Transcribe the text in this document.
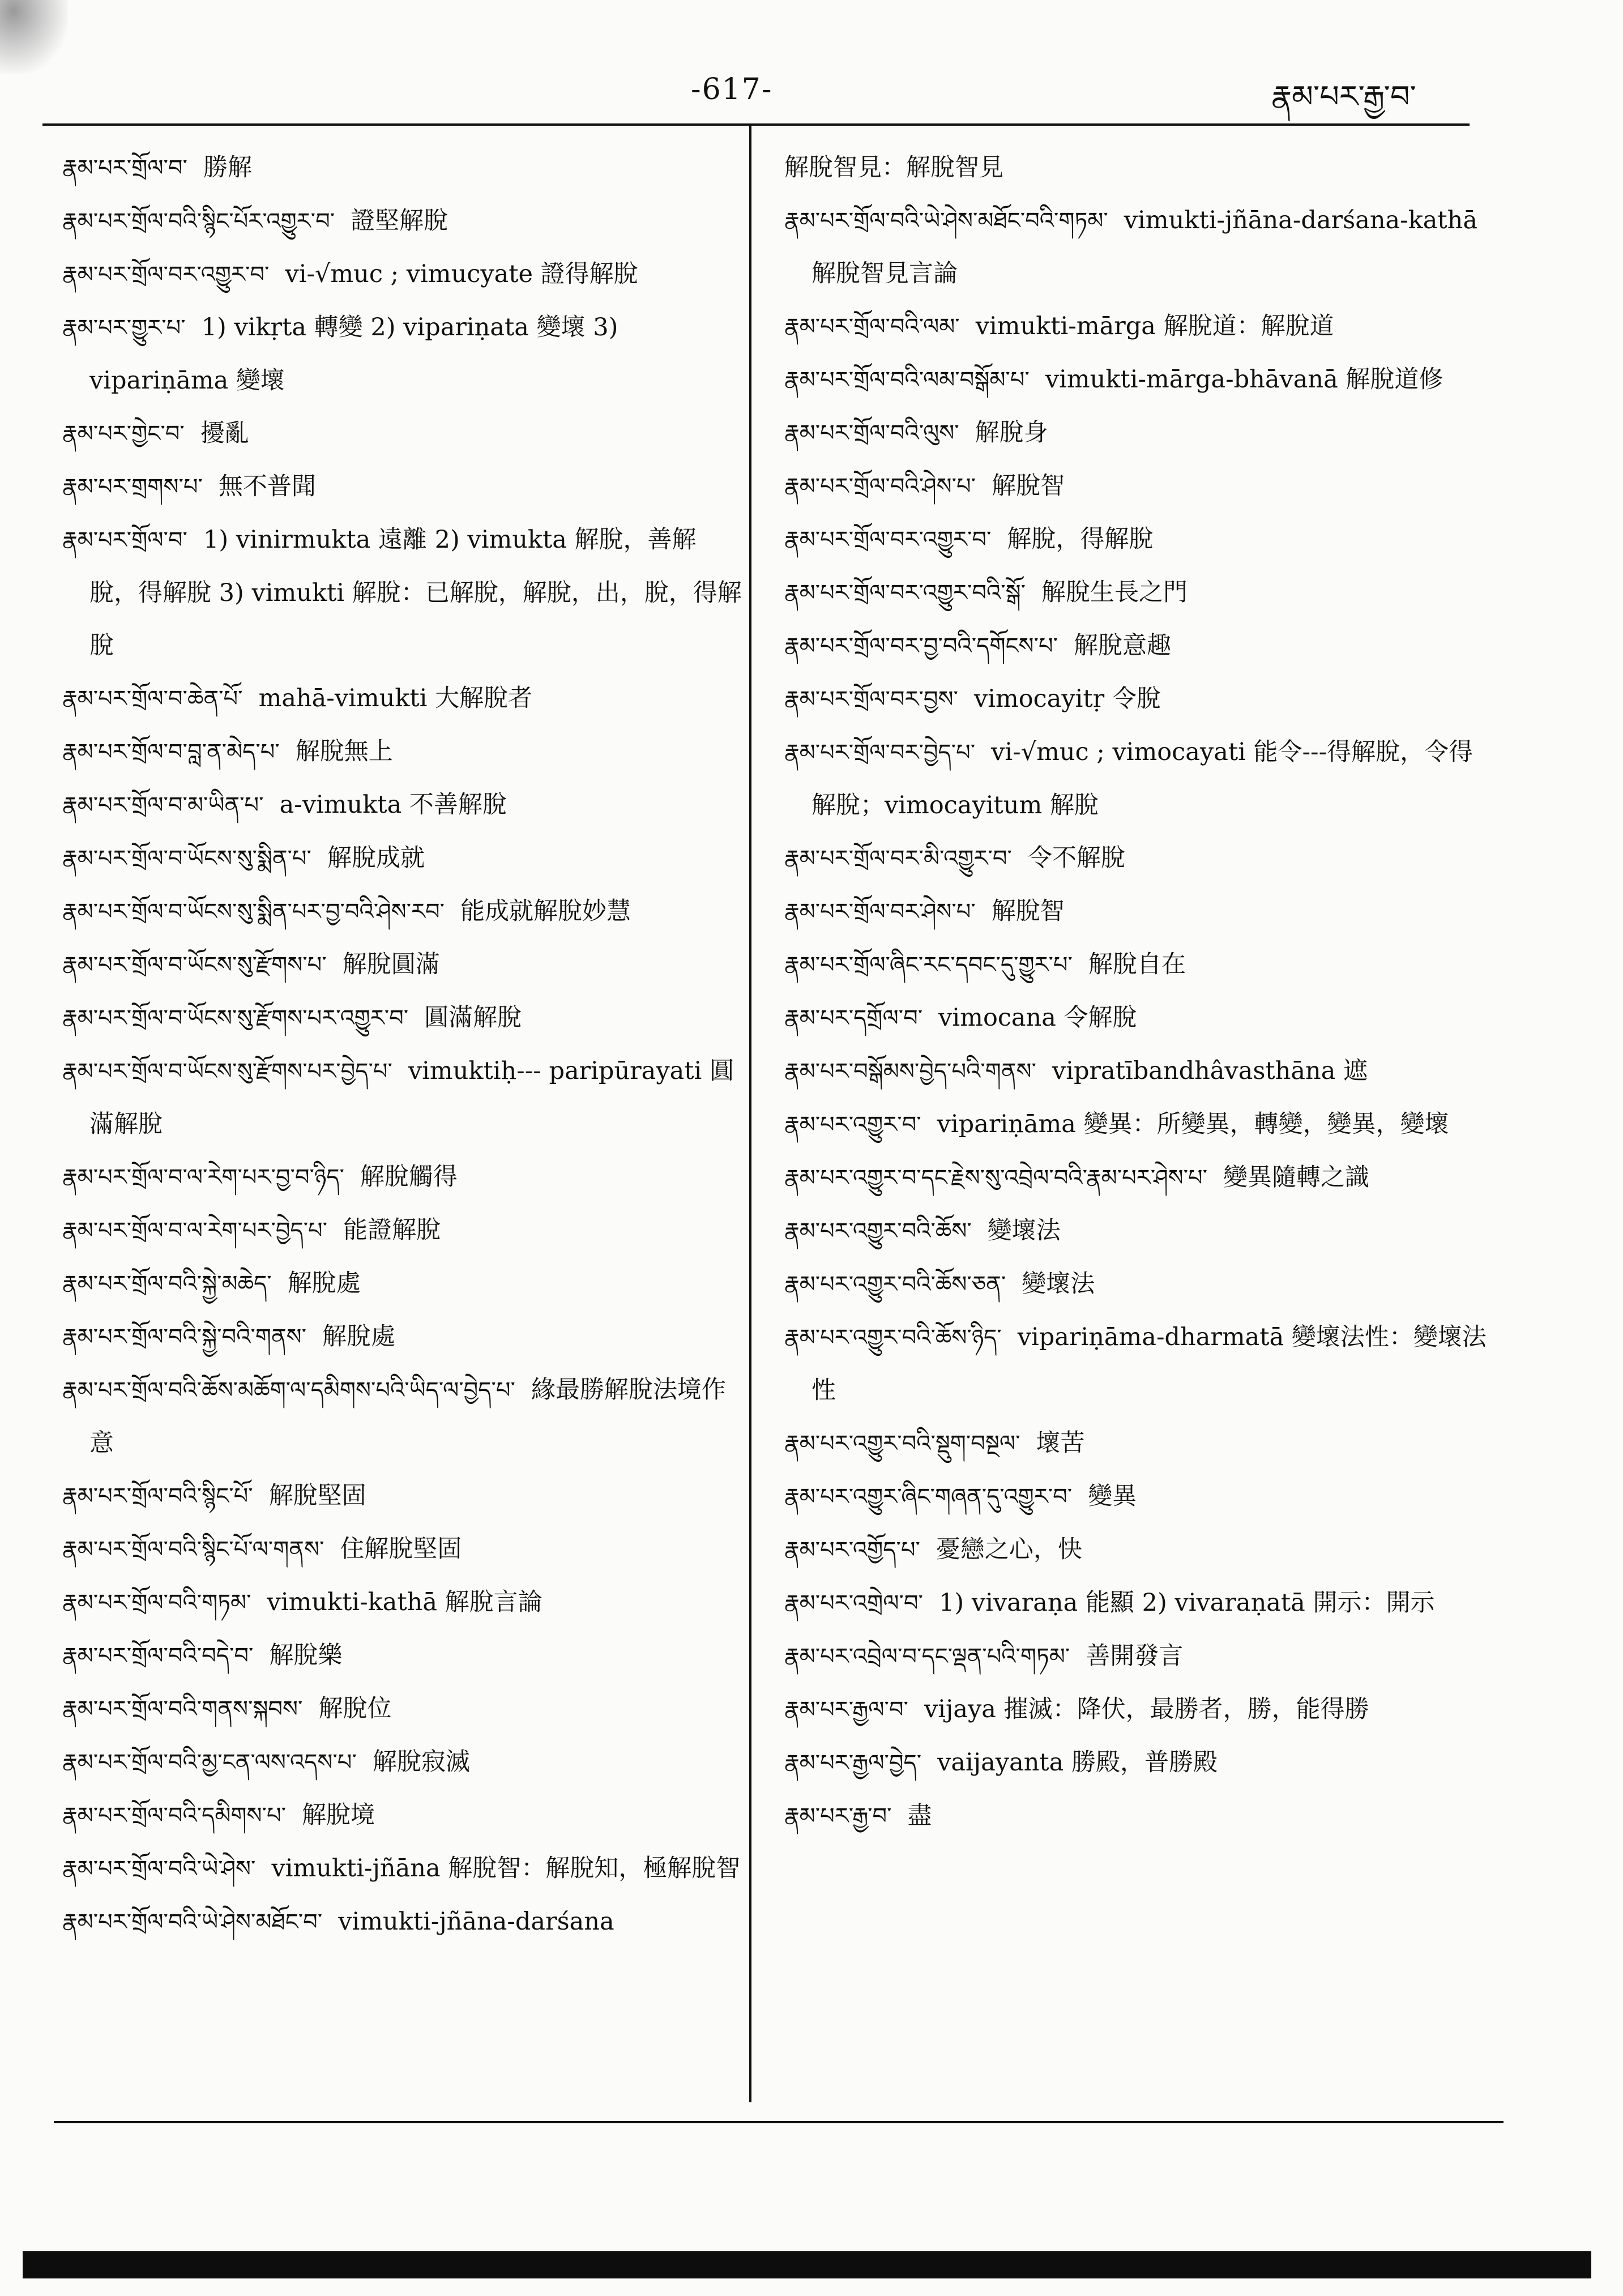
-617-	རྣམ་པར་རྒྱ་བ་
རྣམ་པར་གྲོལ་བ་ 勝解
རྣམ་པར་གྲོལ་བའི་སྙིང་པོར་འགྱུར་བ་ 證堅解脫
རྣམ་པར་གྲོལ་བར་འགྱུར་བ་ vi-√muc ; vimucyate 證得解脫
རྣམ་པར་གྱུར་པ་ 1) vikṛta 轉變 2) vipariṇata 變壞 3) vipariṇāma 變壞
རྣམ་པར་གྱེང་བ་ 擾亂
རྣམ་པར་གྲགས་པ་ 無不普聞
རྣམ་པར་གྲོལ་བ་ 1) vinirmukta 遠離 2) vimukta 解脫，善解脫，得解脫 3) vimukti 解脫：已解脫，解脫，出，脫，得解脫
རྣམ་པར་གྲོལ་བ་ཆེན་པོ་ mahā-vimukti 大解脫者
རྣམ་པར་གྲོལ་བ་བླ་ན་མེད་པ་ 解脫無上
རྣམ་པར་གྲོལ་བ་མ་ཡིན་པ་ a-vimukta 不善解脫
རྣམ་པར་གྲོལ་བ་ཡོངས་སུ་སྨིན་པ་ 解脫成就
རྣམ་པར་གྲོལ་བ་ཡོངས་སུ་སྨིན་པར་བྱ་བའི་ཤེས་རབ་ 能成就解脫妙慧
རྣམ་པར་གྲོལ་བ་ཡོངས་སུ་རྫོགས་པ་ 解脫圓滿
རྣམ་པར་གྲོལ་བ་ཡོངས་སུ་རྫོགས་པར་འགྱུར་བ་ 圓滿解脫
རྣམ་པར་གྲོལ་བ་ཡོངས་སུ་རྫོགས་པར་བྱེད་པ་ vimuktiḥ--- paripūrayati 圓滿解脫
རྣམ་པར་གྲོལ་བ་ལ་རེག་པར་བྱ་བ་ཉིད་ 解脫觸得
རྣམ་པར་གྲོལ་བ་ལ་རེག་པར་བྱེད་པ་ 能證解脫
རྣམ་པར་གྲོལ་བའི་སྐྱེ་མཆེད་ 解脫處
རྣམ་པར་གྲོལ་བའི་སྐྱེ་བའི་གནས་ 解脫處
རྣམ་པར་གྲོལ་བའི་ཆོས་མཆོག་ལ་དམིགས་པའི་ཡིད་ལ་བྱེད་པ་ 緣最勝解脫法境作意
རྣམ་པར་གྲོལ་བའི་སྙིང་པོ་ 解脫堅固
རྣམ་པར་གྲོལ་བའི་སྙིང་པོ་ལ་གནས་ 住解脫堅固
རྣམ་པར་གྲོལ་བའི་གཏམ་ vimukti-kathā 解脫言論
རྣམ་པར་གྲོལ་བའི་བདེ་བ་ 解脫樂
རྣམ་པར་གྲོལ་བའི་གནས་སྐབས་ 解脫位
རྣམ་པར་གྲོལ་བའི་མྱ་ངན་ལས་འདས་པ་ 解脫寂滅
རྣམ་པར་གྲོལ་བའི་དམིགས་པ་ 解脫境
རྣམ་པར་གྲོལ་བའི་ཡེ་ཤེས་ vimukti-jñāna 解脫智：解脫知，極解脫智
རྣམ་པར་གྲོལ་བའི་ཡེ་ཤེས་མཐོང་བ་ vimukti-jñāna-darśana
解脫智見：解脫智見
རྣམ་པར་གྲོལ་བའི་ཡེ་ཤེས་མཐོང་བའི་གཏམ་ vimukti-jñāna-darśana-kathā 解脫智見言論
རྣམ་པར་གྲོལ་བའི་ལམ་ vimukti-mārga 解脫道：解脫道
རྣམ་པར་གྲོལ་བའི་ལམ་བསྒོམ་པ་ vimukti-mārga-bhāvanā 解脫道修
རྣམ་པར་གྲོལ་བའི་ལུས་ 解脫身
རྣམ་པར་གྲོལ་བའི་ཤེས་པ་ 解脫智
རྣམ་པར་གྲོལ་བར་འགྱུར་བ་ 解脫，得解脫
རྣམ་པར་གྲོལ་བར་འགྱུར་བའི་སྒོ་ 解脫生長之門
རྣམ་པར་གྲོལ་བར་བྱ་བའི་དགོངས་པ་ 解脫意趣
རྣམ་པར་གྲོལ་བར་བྱས་ vimocayitṛ 令脫
རྣམ་པར་གྲོལ་བར་བྱེད་པ་ vi-√muc ; vimocayati 能令---得解脫，令得解脫；vimocayitum 解脫
རྣམ་པར་གྲོལ་བར་མི་འགྱུར་བ་ 令不解脫
རྣམ་པར་གྲོལ་བར་ཤེས་པ་ 解脫智
རྣམ་པར་གྲོལ་ཞིང་རང་དབང་དུ་གྱུར་པ་ 解脫自在
རྣམ་པར་དགྲོལ་བ་ vimocana 令解脫
རྣམ་པར་བསྒོམས་བྱེད་པའི་གནས་ vipratībandhâvasthāna 遮
རྣམ་པར་འགྱུར་བ་ vipariṇāma 變異：所變異，轉變，變異，變壞
རྣམ་པར་འགྱུར་བ་དང་རྗེས་སུ་འབྲེལ་བའི་རྣམ་པར་ཤེས་པ་ 變異隨轉之識
རྣམ་པར་འགྱུར་བའི་ཆོས་ 變壞法
རྣམ་པར་འགྱུར་བའི་ཆོས་ཅན་ 變壞法
རྣམ་པར་འགྱུར་བའི་ཆོས་ཉིད་ vipariṇāma-dharmatā 變壞法性：變壞法性
རྣམ་པར་འགྱུར་བའི་སྡུག་བསྔལ་ 壞苦
རྣམ་པར་འགྱུར་ཞིང་གཞན་དུ་འགྱུར་བ་ 變異
རྣམ་པར་འགྱོད་པ་ 憂戀之心，快
རྣམ་པར་འགྲེལ་བ་ 1) vivaraṇa 能顯 2) vivaraṇatā 開示：開示
རྣམ་པར་འབྲེལ་བ་དང་ལྡན་པའི་གཏམ་ 善開發言
རྣམ་པར་རྒྱལ་བ་ vijaya 摧滅：降伏，最勝者，勝，能得勝
རྣམ་པར་རྒྱལ་བྱེད་ vaijayanta 勝殿，普勝殿
རྣམ་པར་རྒྱ་བ་ 盡
